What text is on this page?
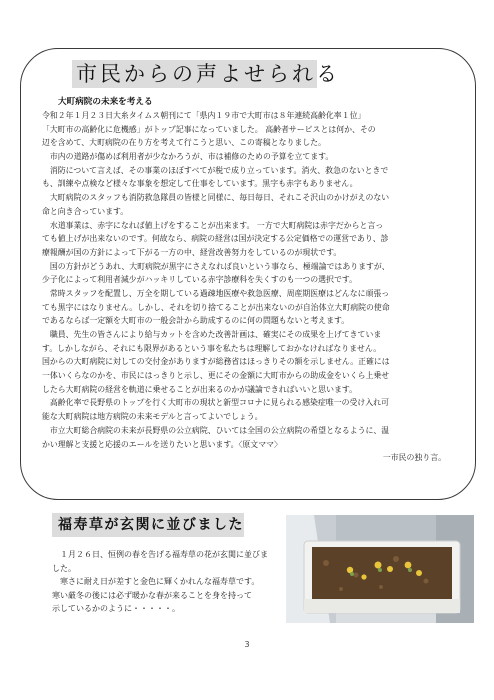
市民からの声よせられる
大町病院の未来を考える
令和２年１月２３日大糸タイムス朝刊にて「県内１９市で大町市は８年連続高齢化率１位」
「大町市の高齢化に危機感」がトップ記事になっていました。 高齢者サービスとは何か、その
辺を含めて、大町病院の在り方を考えて行こうと思い、この寄稿となりました。
　市内の道路が傷めば利用者が少なかろうが、市は補修のための予算を立てます。
　消防について言えば、その事業のほぼすべてが税で成り立っています。消火、救急のないときで
も、訓練や点検など様々な事象を想定して仕事をしています。黒字も赤字もありません。
　大町病院のスタッフも消防救急隊員の皆様と同様に、毎日毎日、それこそ沢山のかけがえのない
命と向き合っています。
　水道事業は、赤字になれば値上げをすることが出来ます。 一方で大町病院は赤字だからと言っ
ても値上げが出来ないのです。何故なら、病院の経営は国が決定する公定価格での運営であり、診
療報酬が国の方針によって下がる一方の中、経営改善努力をしているのが現状です。
　国の方針がどうあれ、大町病院が黒字にさえなれば良いという事なら、極端論ではありますが、
少子化によって利用者減少がハッキリしている赤字診療科を失くすのも一つの選択です。
　常時スタッフを配置し、万全を期している過疎地医療や救急医療、周産期医療はどんなに頑張っ
ても黒字にはなりません。しかし、それを切り捨てることが出来ないのが自治体立大町病院の使命
であるならば一定額を大町市の一般会計から助成するのに何の問題もないと考えます。
　職員、先生の皆さんにより給与カットを含めた改善計画は、確実にその成果を上げてきていま
す。しかしながら、それにも限界があるという事を私たちは理解しておかなければなりません。
国からの大町病院に対しての交付金がありますが総務省はほっきりその額を示しません。正確には
一体いくらなのかを、市民にはっきりと示し、更にその金額に大町市からの助成金をいくら上乗せ
したら大町病院の経営を軌道に乗せることが出来るのかが議論できればいいと思います。
　高齢化率で長野県のトップを行く大町市の現状と新型コロナに見られる感染症唯一の受け入れ可
能な大町病院は地方病院の未来モデルと言ってよいでしょう。
　市立大町総合病院の未来が長野県の公立病院、ひいては全国の公立病院の希望となるように、温
かい理解と支援と応援のエールを送りたいと思います。〈原文ママ〉
一市民の独り言。
福寿草が玄関に並びました
　１月２６日、恒例の春を告げる福寿草の花が玄関に並びま
した。
　寒さに耐え日が差すと金色に輝くかれんな福寿草です。
寒い厳冬の後には必ず暖かな春が来ることを身を持って
示しているかのように・・・・・。
3
